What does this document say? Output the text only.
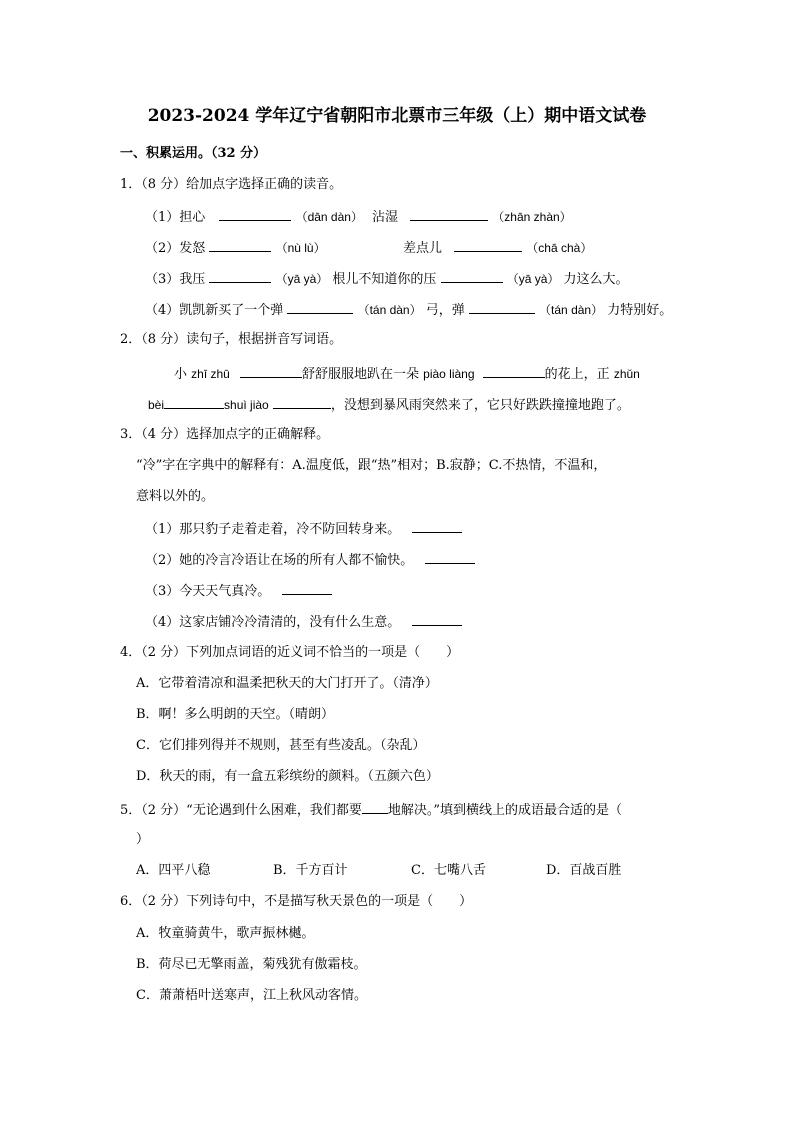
2023-2024 学年辽宁省朝阳市北票市三年级（上）期中语文试卷
一、积累运用。（32 分）
1．（8 分）给加点字选择正确的读音。
（1）担心	（dān dàn） 沾湿	（zhān zhàn）
（2）发怒	（nù lù）	差点儿	（chā chà）
（3）我压	（yā yà） 根儿不知道你的压	（yā yà） 力这么大。
（4）凯凯新买了一个弹	（tán dàn） 弓，弹	（tán dàn） 力特别好。
2．（8 分）读句子，根据拼音写词语。
小 zhī zhū	舒舒服服地趴在一朵 piào liàng	的花上，正 zhǔn
bèi	shuì jiào	，没想到暴风雨突然来了，它只好跌跌撞撞地跑了。
3．（4 分）选择加点字的正确解释。
“冷”字在字典中的解释有：A.温度低，跟“热”相对；B.寂静；C.不热情，不温和，
意料以外的。
（1）那只豹子走着走着，冷不防回转身来。
（2）她的冷言冷语让在场的所有人都不愉快。
（3）今天天气真冷。
（4）这家店铺冷冷清清的，没有什么生意。
4．（2 分）下列加点词语的近义词不恰当的一项是（　　）
A．它带着清凉和温柔把秋天的大门打开了。（清净）
B．啊！多么明朗的天空。（晴朗）
C．它们排列得并不规则，甚至有些凌乱。（杂乱）
D．秋天的雨，有一盒五彩缤纷的颜料。（五颜六色）
5．（2 分）“无论遇到什么困难，我们都要 地解决。”填到横线上的成语最合适的是（
）
A．四平八稳	B．千方百计	C．七嘴八舌	D．百战百胜
6．（2 分）下列诗句中，不是描写秋天景色的一项是（　　）
A．牧童骑黄牛，歌声振林樾。
B．荷尽已无擎雨盖，菊残犹有傲霜枝。
C．萧萧梧叶送寒声，江上秋风动客情。
